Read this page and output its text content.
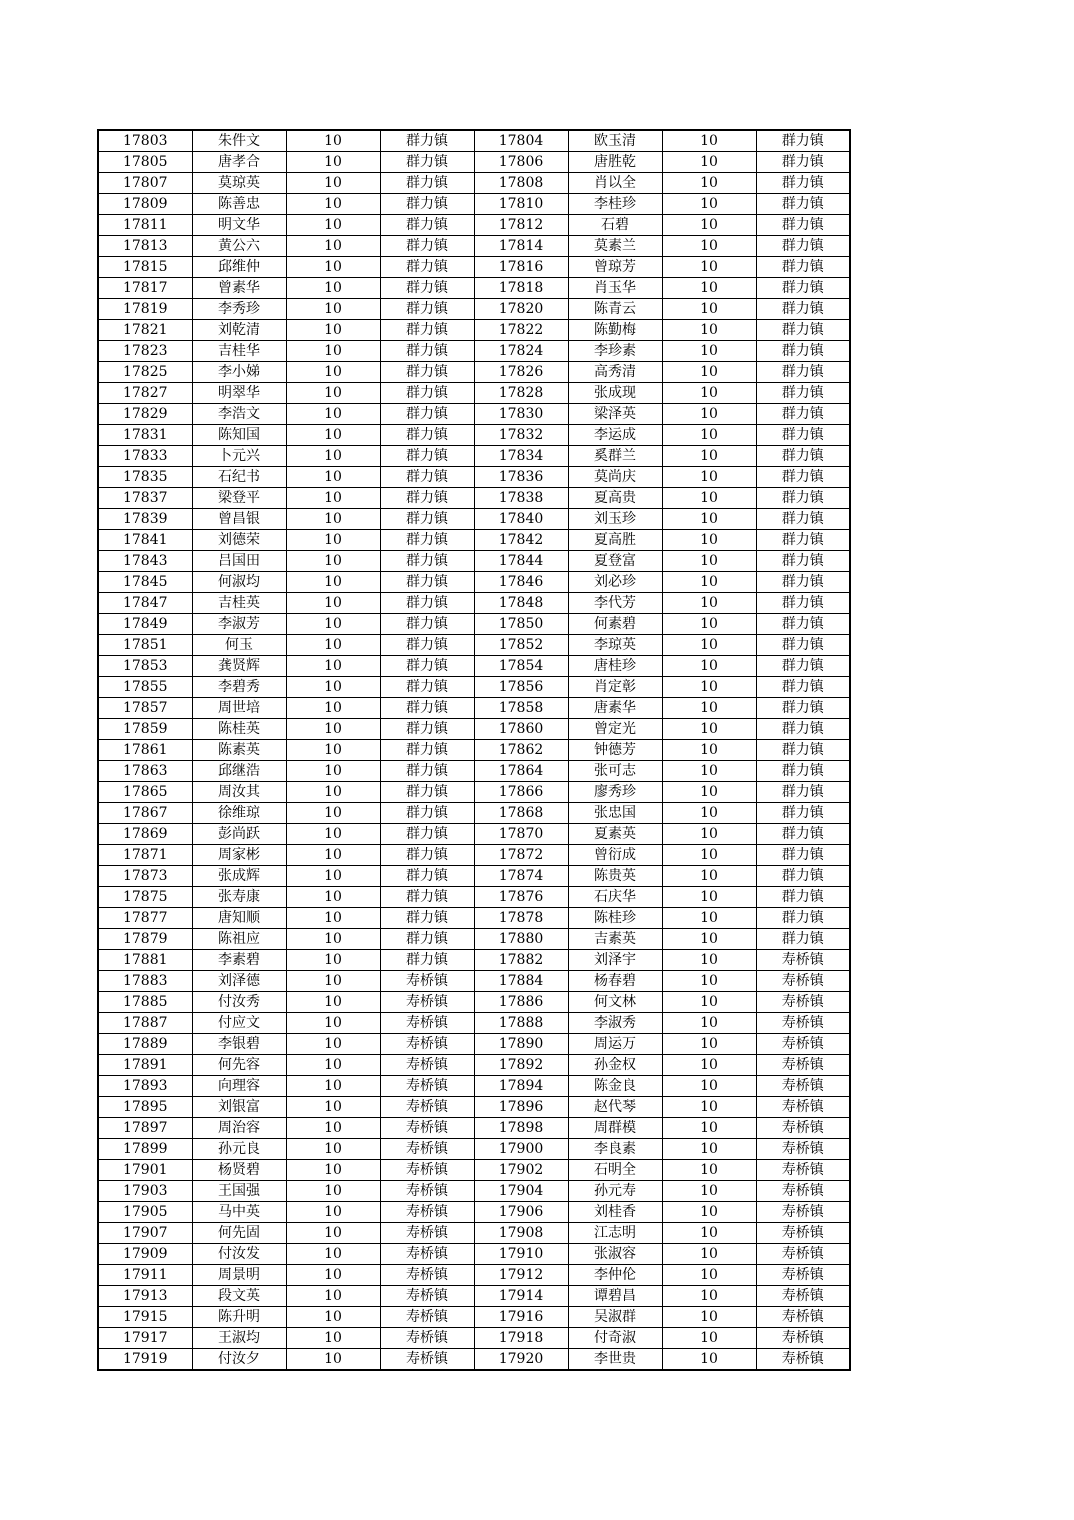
17803	朱件文	10	群力镇	17804	欧玉清	10	群力镇
17805	唐孝合	10	群力镇	17806	唐胜乾	10	群力镇
17807	莫琼英	10	群力镇	17808	肖以全	10	群力镇
17809	陈善忠	10	群力镇	17810	李桂珍	10	群力镇
17811	明文华	10	群力镇	17812	石碧	10	群力镇
17813	黄公六	10	群力镇	17814	莫素兰	10	群力镇
17815	邱维仲	10	群力镇	17816	曾琼芳	10	群力镇
17817	曾素华	10	群力镇	17818	肖玉华	10	群力镇
17819	李秀珍	10	群力镇	17820	陈青云	10	群力镇
17821	刘乾清	10	群力镇	17822	陈勤梅	10	群力镇
17823	吉桂华	10	群力镇	17824	李珍素	10	群力镇
17825	李小娣	10	群力镇	17826	高秀清	10	群力镇
17827	明翠华	10	群力镇	17828	张成现	10	群力镇
17829	李浩文	10	群力镇	17830	梁泽英	10	群力镇
17831	陈知国	10	群力镇	17832	李运成	10	群力镇
17833	卜元兴	10	群力镇	17834	奚群兰	10	群力镇
17835	石纪书	10	群力镇	17836	莫尚庆	10	群力镇
17837	梁登平	10	群力镇	17838	夏高贵	10	群力镇
17839	曾昌银	10	群力镇	17840	刘玉珍	10	群力镇
17841	刘德荣	10	群力镇	17842	夏高胜	10	群力镇
17843	吕国田	10	群力镇	17844	夏登富	10	群力镇
17845	何淑均	10	群力镇	17846	刘必珍	10	群力镇
17847	吉桂英	10	群力镇	17848	李代芳	10	群力镇
17849	李淑芳	10	群力镇	17850	何素碧	10	群力镇
17851	何玉	10	群力镇	17852	李琼英	10	群力镇
17853	龚贤辉	10	群力镇	17854	唐桂珍	10	群力镇
17855	李碧秀	10	群力镇	17856	肖定彰	10	群力镇
17857	周世培	10	群力镇	17858	唐素华	10	群力镇
17859	陈桂英	10	群力镇	17860	曾定光	10	群力镇
17861	陈素英	10	群力镇	17862	钟德芳	10	群力镇
17863	邱继浩	10	群力镇	17864	张可志	10	群力镇
17865	周汝其	10	群力镇	17866	廖秀珍	10	群力镇
17867	徐维琼	10	群力镇	17868	张忠国	10	群力镇
17869	彭尚跃	10	群力镇	17870	夏素英	10	群力镇
17871	周家彬	10	群力镇	17872	曾衍成	10	群力镇
17873	张成辉	10	群力镇	17874	陈贵英	10	群力镇
17875	张寿康	10	群力镇	17876	石庆华	10	群力镇
17877	唐知顺	10	群力镇	17878	陈桂珍	10	群力镇
17879	陈祖应	10	群力镇	17880	吉素英	10	群力镇
17881	李素碧	10	群力镇	17882	刘泽宇	10	寿桥镇
17883	刘泽德	10	寿桥镇	17884	杨春碧	10	寿桥镇
17885	付汝秀	10	寿桥镇	17886	何文林	10	寿桥镇
17887	付应文	10	寿桥镇	17888	李淑秀	10	寿桥镇
17889	李银碧	10	寿桥镇	17890	周运万	10	寿桥镇
17891	何先容	10	寿桥镇	17892	孙金权	10	寿桥镇
17893	向理容	10	寿桥镇	17894	陈金良	10	寿桥镇
17895	刘银富	10	寿桥镇	17896	赵代琴	10	寿桥镇
17897	周治容	10	寿桥镇	17898	周群模	10	寿桥镇
17899	孙元良	10	寿桥镇	17900	李良素	10	寿桥镇
17901	杨贤碧	10	寿桥镇	17902	石明全	10	寿桥镇
17903	王国强	10	寿桥镇	17904	孙元寿	10	寿桥镇
17905	马中英	10	寿桥镇	17906	刘桂香	10	寿桥镇
17907	何先固	10	寿桥镇	17908	江志明	10	寿桥镇
17909	付汝发	10	寿桥镇	17910	张淑容	10	寿桥镇
17911	周景明	10	寿桥镇	17912	李仲伦	10	寿桥镇
17913	段文英	10	寿桥镇	17914	谭碧昌	10	寿桥镇
17915	陈升明	10	寿桥镇	17916	吴淑群	10	寿桥镇
17917	王淑均	10	寿桥镇	17918	付奇淑	10	寿桥镇
17919	付汝夕	10	寿桥镇	17920	李世贵	10	寿桥镇
